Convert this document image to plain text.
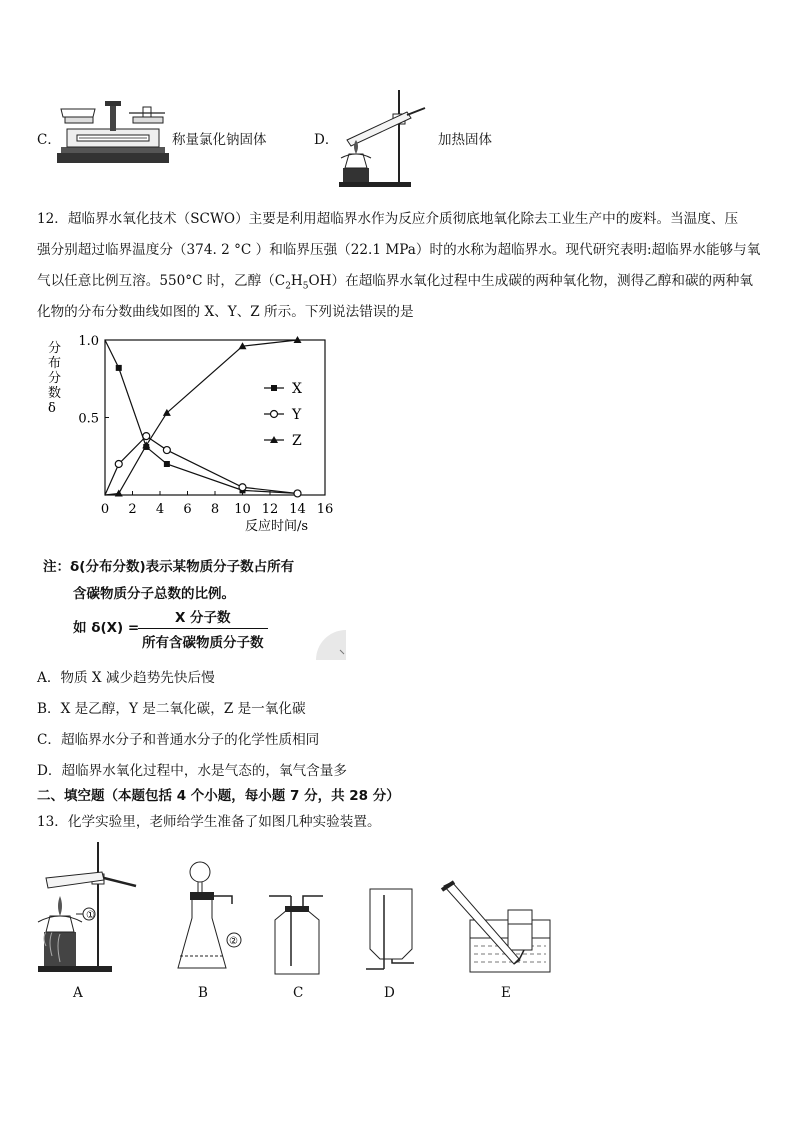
C．	称量氯化钠固体	D．	加热固体
12．超临界水氧化技术（SCWO）主要是利用超临界水作为反应介质彻底地氧化除去工业生产中的废料。当温度、压
强分别超过临界温度分（374. 2 °C ）和临界压强（22.1 MPa）时的水称为超临界水。现代研究表明:超临界水能够与氧
气以任意比例互溶。550°C 时，乙醇$(C_2H_5OH)$在超临界水氧化过程中生成碳的两种氧化物，测得乙醇和碳的两种氧
化物的分布分数曲线如图的 X、Y、Z 所示。下列说法错误的是
分布分数 δ
0 2 4 6 8 10 12 14 16
0.5
1.0
X
Y
Z
反应时间/s
注：δ(分布分数)表示某物质分子数占所有
含碳物质分子总数的比例。
如 δ(X) =
X 分子数
所有含碳物质分子数
A．物质 X 减少趋势先快后慢
B．X 是乙醇，Y 是二氧化碳，Z 是一氧化碳
C．超临界水分子和普通水分子的化学性质相同
D．超临界水氧化过程中，水是气态的，氧气含量多
二、填空题（本题包括 4 个小题，每小题 7 分，共 28 分）
13．化学实验里，老师给学生准备了如图几种实验装置。
①
A
②
B	C	D	E
